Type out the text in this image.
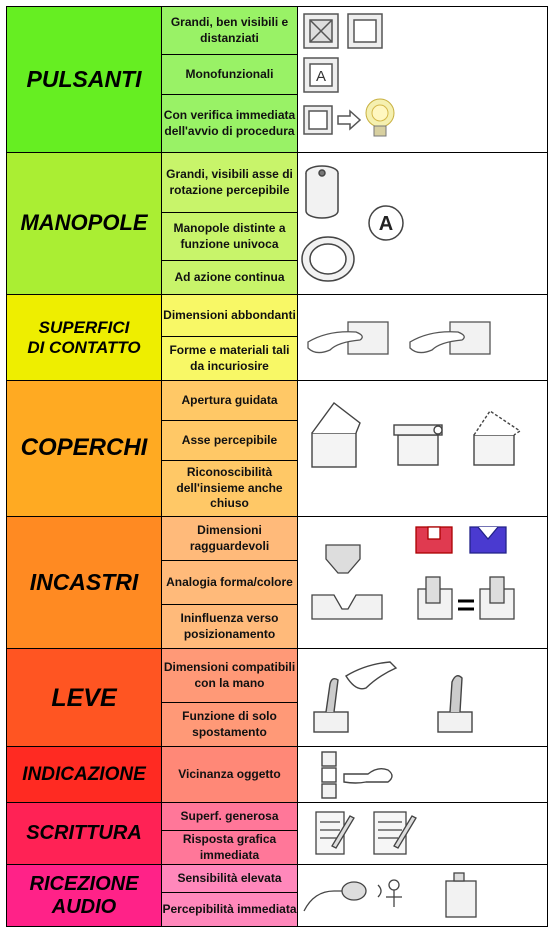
PULSANTI	Grandi, ben visibili e distanziati	A

	Monofunzionali	
	Con verifica immediata dell'avvio di procedura	
MANOPOLE	Grandi, visibili asse di rotazione percepibile	A

	Manopole distinte a funzione univoca	
	Ad azione continua	
SUPERFICI
DI CONTATTO	Dimensioni abbondanti	

	Forme e materiali tali da incuriosire	
COPERCHI	Apertura guidata	

	Asse percepibile	
	Riconoscibilità dell'insieme anche chiuso	
INCASTRI	Dimensioni ragguardevoli	

	Analogia forma/colore	
	Ininfluenza verso posizionamento	
LEVE	Dimensioni compatibili con la mano	

	Funzione di solo spostamento	
INDICAZIONE	Vicinanza oggetto	

SCRITTURA	Superf. generosa	

	Risposta grafica immediata	
RICEZIONE
AUDIO	Sensibilità elevata	

	Percepibilità immediata	
